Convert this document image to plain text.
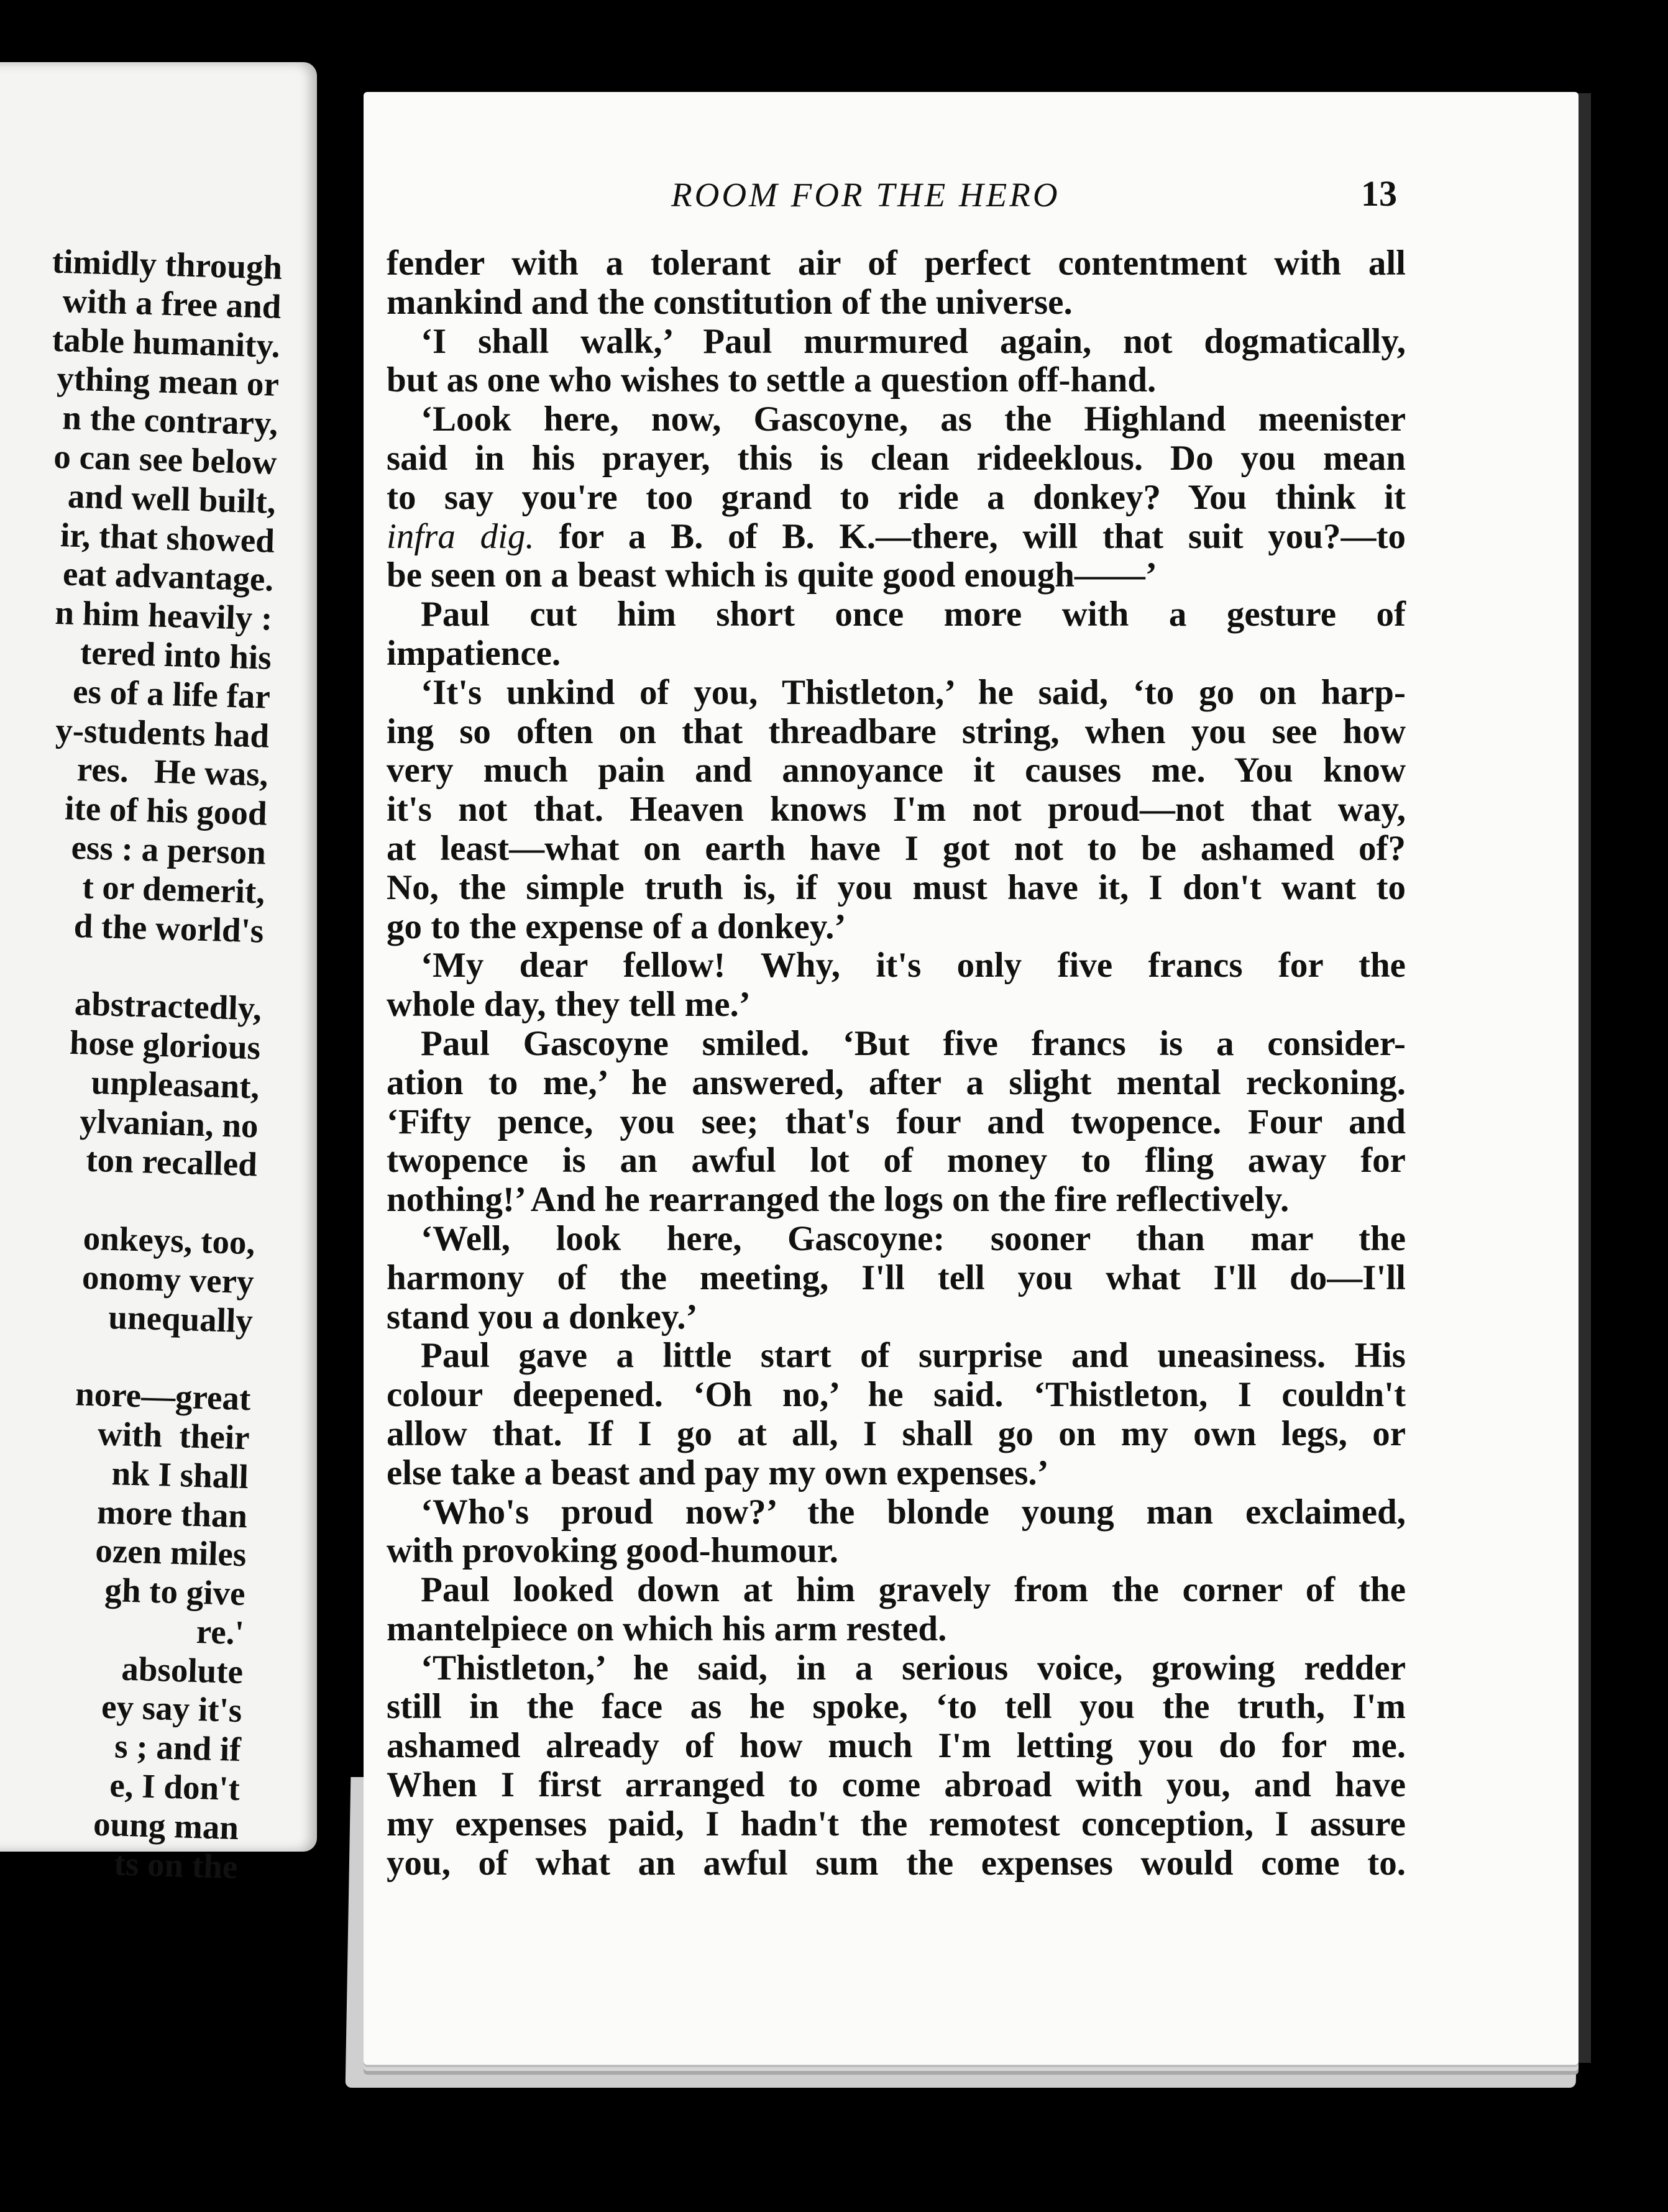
timidly through
with a free and
table humanity.
ything mean or
n the contrary,
o can see below
and well built,
ir, that showed
eat advantage.
n him heavily :
tered into his
es of a life far
y-students had
res.   He was,
ite of his good
ess : a person
t or demerit,
d the world's

abstractedly,
hose glorious
unpleasant,
ylvanian, no
ton recalled

onkeys, too,
onomy very
unequally

nore—great
with  their
nk I shall
more than
ozen miles
gh to give
re.'
absolute
ey say it's
s ; and if
e, I don't
oung man
ts on the
ROOM FOR THE HERO	13
fender with a tolerant air of perfect contentment with all
mankind and the constitution of the universe.
‘I shall walk,’ Paul murmured again, not dogmatically,
but as one who wishes to settle a question off-hand.
‘Look here, now, Gascoyne, as the Highland meenister
said in his prayer, this is clean rideeklous. Do you mean
to say you're too grand to ride a donkey? You think it
infra dig. for a B. of B. K.—there, will that suit you?—to
be seen on a beast which is quite good enough——’
Paul cut him short once more with a gesture of
impatience.
‘It's unkind of you, Thistleton,’ he said, ‘to go on harp-
ing so often on that threadbare string, when you see how
very much pain and annoyance it causes me. You know
it's not that. Heaven knows I'm not proud—not that way,
at least—what on earth have I got not to be ashamed of?
No, the simple truth is, if you must have it, I don't want to
go to the expense of a donkey.’
‘My dear fellow! Why, it's only five francs for the
whole day, they tell me.’
Paul Gascoyne smiled. ‘But five francs is a consider-
ation to me,’ he answered, after a slight mental reckoning.
‘Fifty pence, you see; that's four and twopence. Four and
twopence is an awful lot of money to fling away for
nothing!’ And he rearranged the logs on the fire reflectively.
‘Well, look here, Gascoyne: sooner than mar the
harmony of the meeting, I'll tell you what I'll do—I'll
stand you a donkey.’
Paul gave a little start of surprise and uneasiness. His
colour deepened. ‘Oh no,’ he said. ‘Thistleton, I couldn't
allow that. If I go at all, I shall go on my own legs, or
else take a beast and pay my own expenses.’
‘Who's proud now?’ the blonde young man exclaimed,
with provoking good-humour.
Paul looked down at him gravely from the corner of the
mantelpiece on which his arm rested.
‘Thistleton,’ he said, in a serious voice, growing redder
still in the face as he spoke, ‘to tell you the truth, I'm
ashamed already of how much I'm letting you do for me.
When I first arranged to come abroad with you, and have
my expenses paid, I hadn't the remotest conception, I assure
you, of what an awful sum the expenses would come to.
